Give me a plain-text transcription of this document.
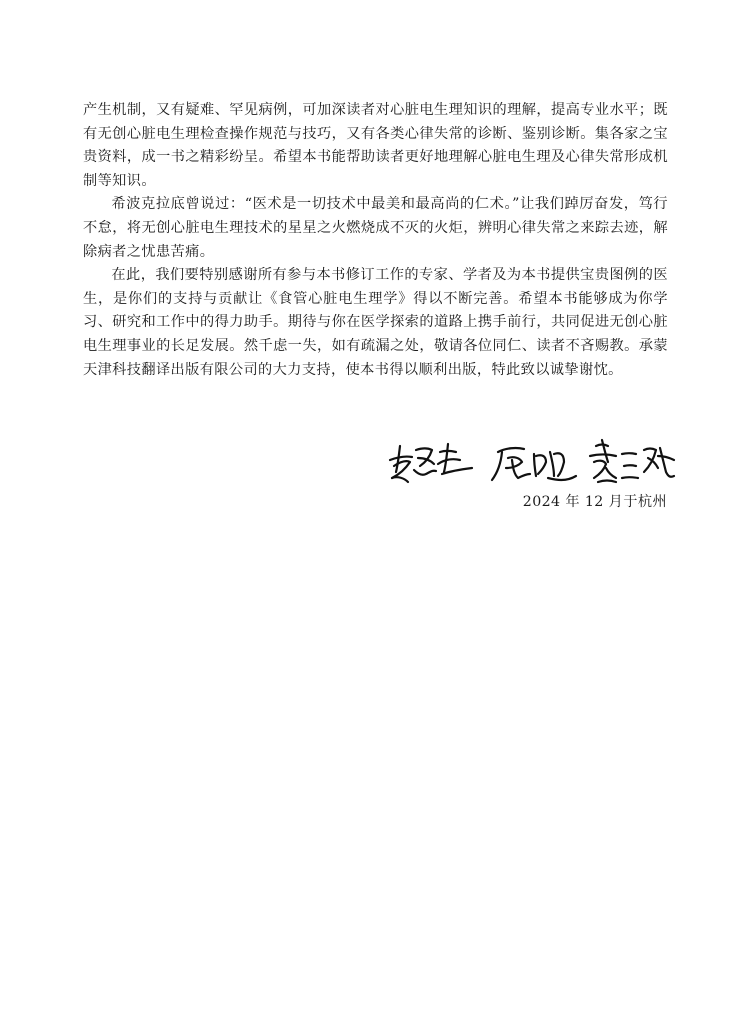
产生机制，又有疑难、罕见病例，可加深读者对心脏电生理知识的理解，提高专业水平；既有无创心脏电生理检查操作规范与技巧，又有各类心律失常的诊断、鉴别诊断。集各家之宝贵资料，成一书之精彩纷呈。希望本书能帮助读者更好地理解心脏电生理及心律失常形成机制等知识。

希波克拉底曾说过：“医术是一切技术中最美和最高尚的仁术。”让我们踔厉奋发，笃行不怠，将无创心脏电生理技术的星星之火燃烧成不灭的火炬，辨明心律失常之来踪去迹，解除病者之忧患苦痛。

在此，我们要特别感谢所有参与本书修订工作的专家、学者及为本书提供宝贵图例的医生，是你们的支持与贡献让《食管心脏电生理学》得以不断完善。希望本书能够成为你学习、研究和工作中的得力助手。期待与你在医学探索的道路上携手前行，共同促进无创心脏电生理事业的长足发展。然千虑一失，如有疏漏之处，敬请各位同仁、读者不吝赐教。承蒙天津科技翻译出版有限公司的大力支持，使本书得以顺利出版，特此致以诚挚谢忱。

2024 年 12 月于杭州
